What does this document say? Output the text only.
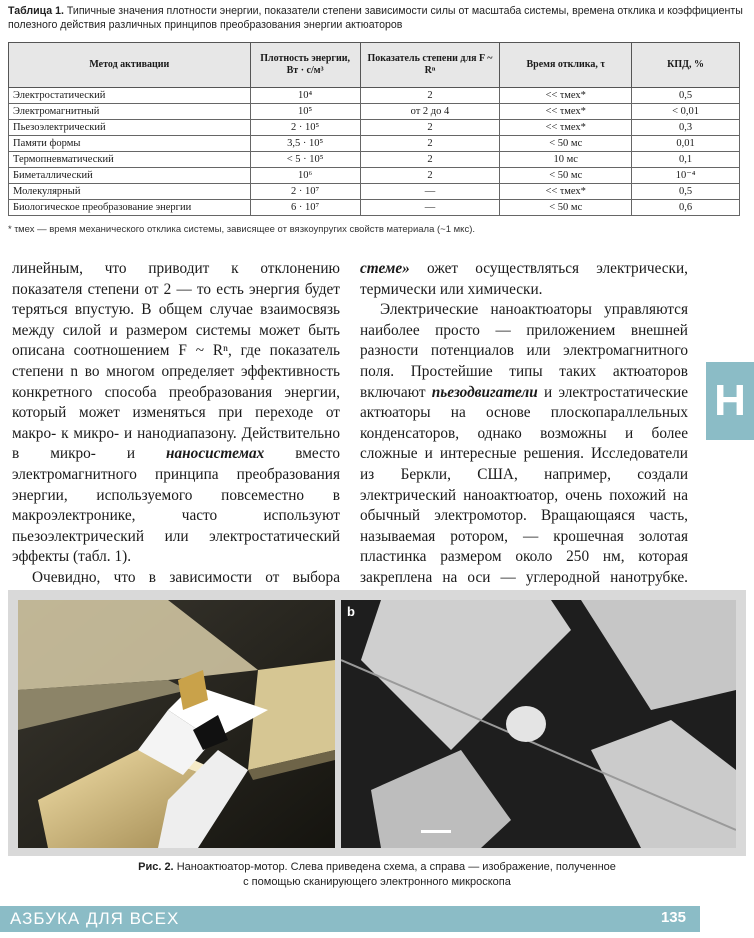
Таблица 1. Типичные значения плотности энергии, показатели степени зависимости силы от масштаба системы, времена отклика и коэффициенты полезного действия различных принципов преобразования энергии актюаторов
Метод активации	Плотность энергии, Вт · с/м³	Показатель степени для F ~ Rⁿ	Время отклика, τ	КПД, %
Электростатический	10⁴	2	<< τмех*	0,5
Электромагнитный	10⁵	от 2 до 4	<< τмех*	< 0,01
Пьезоэлектрический	2 · 10⁵	2	<< τмех*	0,3
Памяти формы	3,5 · 10⁵	2	< 50 мс	0,01
Термопневматический	< 5 · 10⁵	2	10 мс	0,1
Биметаллический	10⁶	2	< 50 мс	10⁻⁴
Молекулярный	2 · 10⁷	—	<< τмех*	0,5
Биологическое преобразование энергии	6 · 10⁷	—	< 50 мс	0,6
* τмех — время механического отклика системы, зависящее от вязкоупругих свойств материала (~1 мкс).

линейным, что приводит к отклонению показателя степени от 2 — то есть энергия будет теряться впустую. В общем случае взаимосвязь между силой и размером системы может быть описана соотношением F ~ Rⁿ, где показатель степени n во многом определяет эффективность конкретного способа преобразования энергии, который может изменяться при переходе от макро- к микро- и нанодиапазону. Действительно в микро- и наносистемах вместо электромагнитного принципа преобразования энергии, используемого повсеместно в макроэлектронике, часто используют пьезоэлектрический или электростатический эффекты (табл. 1).

Очевидно, что в зависимости от выбора

стеме» ожет осуществляться электрически, термически или химически.

Электрические наноактюаторы управляются наиболее просто — приложением внешней разности потенциалов или электромагнитного поля. Простейшие типы таких актюаторов включают пьезодвигатели и электростатические актюаторы на основе плоскопараллельных конденсаторов, однако возможны и более сложные и интересные решения. Исследователи из Беркли, США, например, создали электрический наноактюатор, очень похожий на обычный электромотор. Вращающаяся часть, называемая ротором, — крошечная золотая пластинка размером около 250 нм, которая закреплена на оси — углеродной нанотрубке.

Н
b
Рис. 2. Наноактюатор-мотор. Слева приведена схема, а справа — изображение, полученное
с помощью сканирующего электронного микроскопа
АЗБУКА ДЛЯ ВСЕХ	135
